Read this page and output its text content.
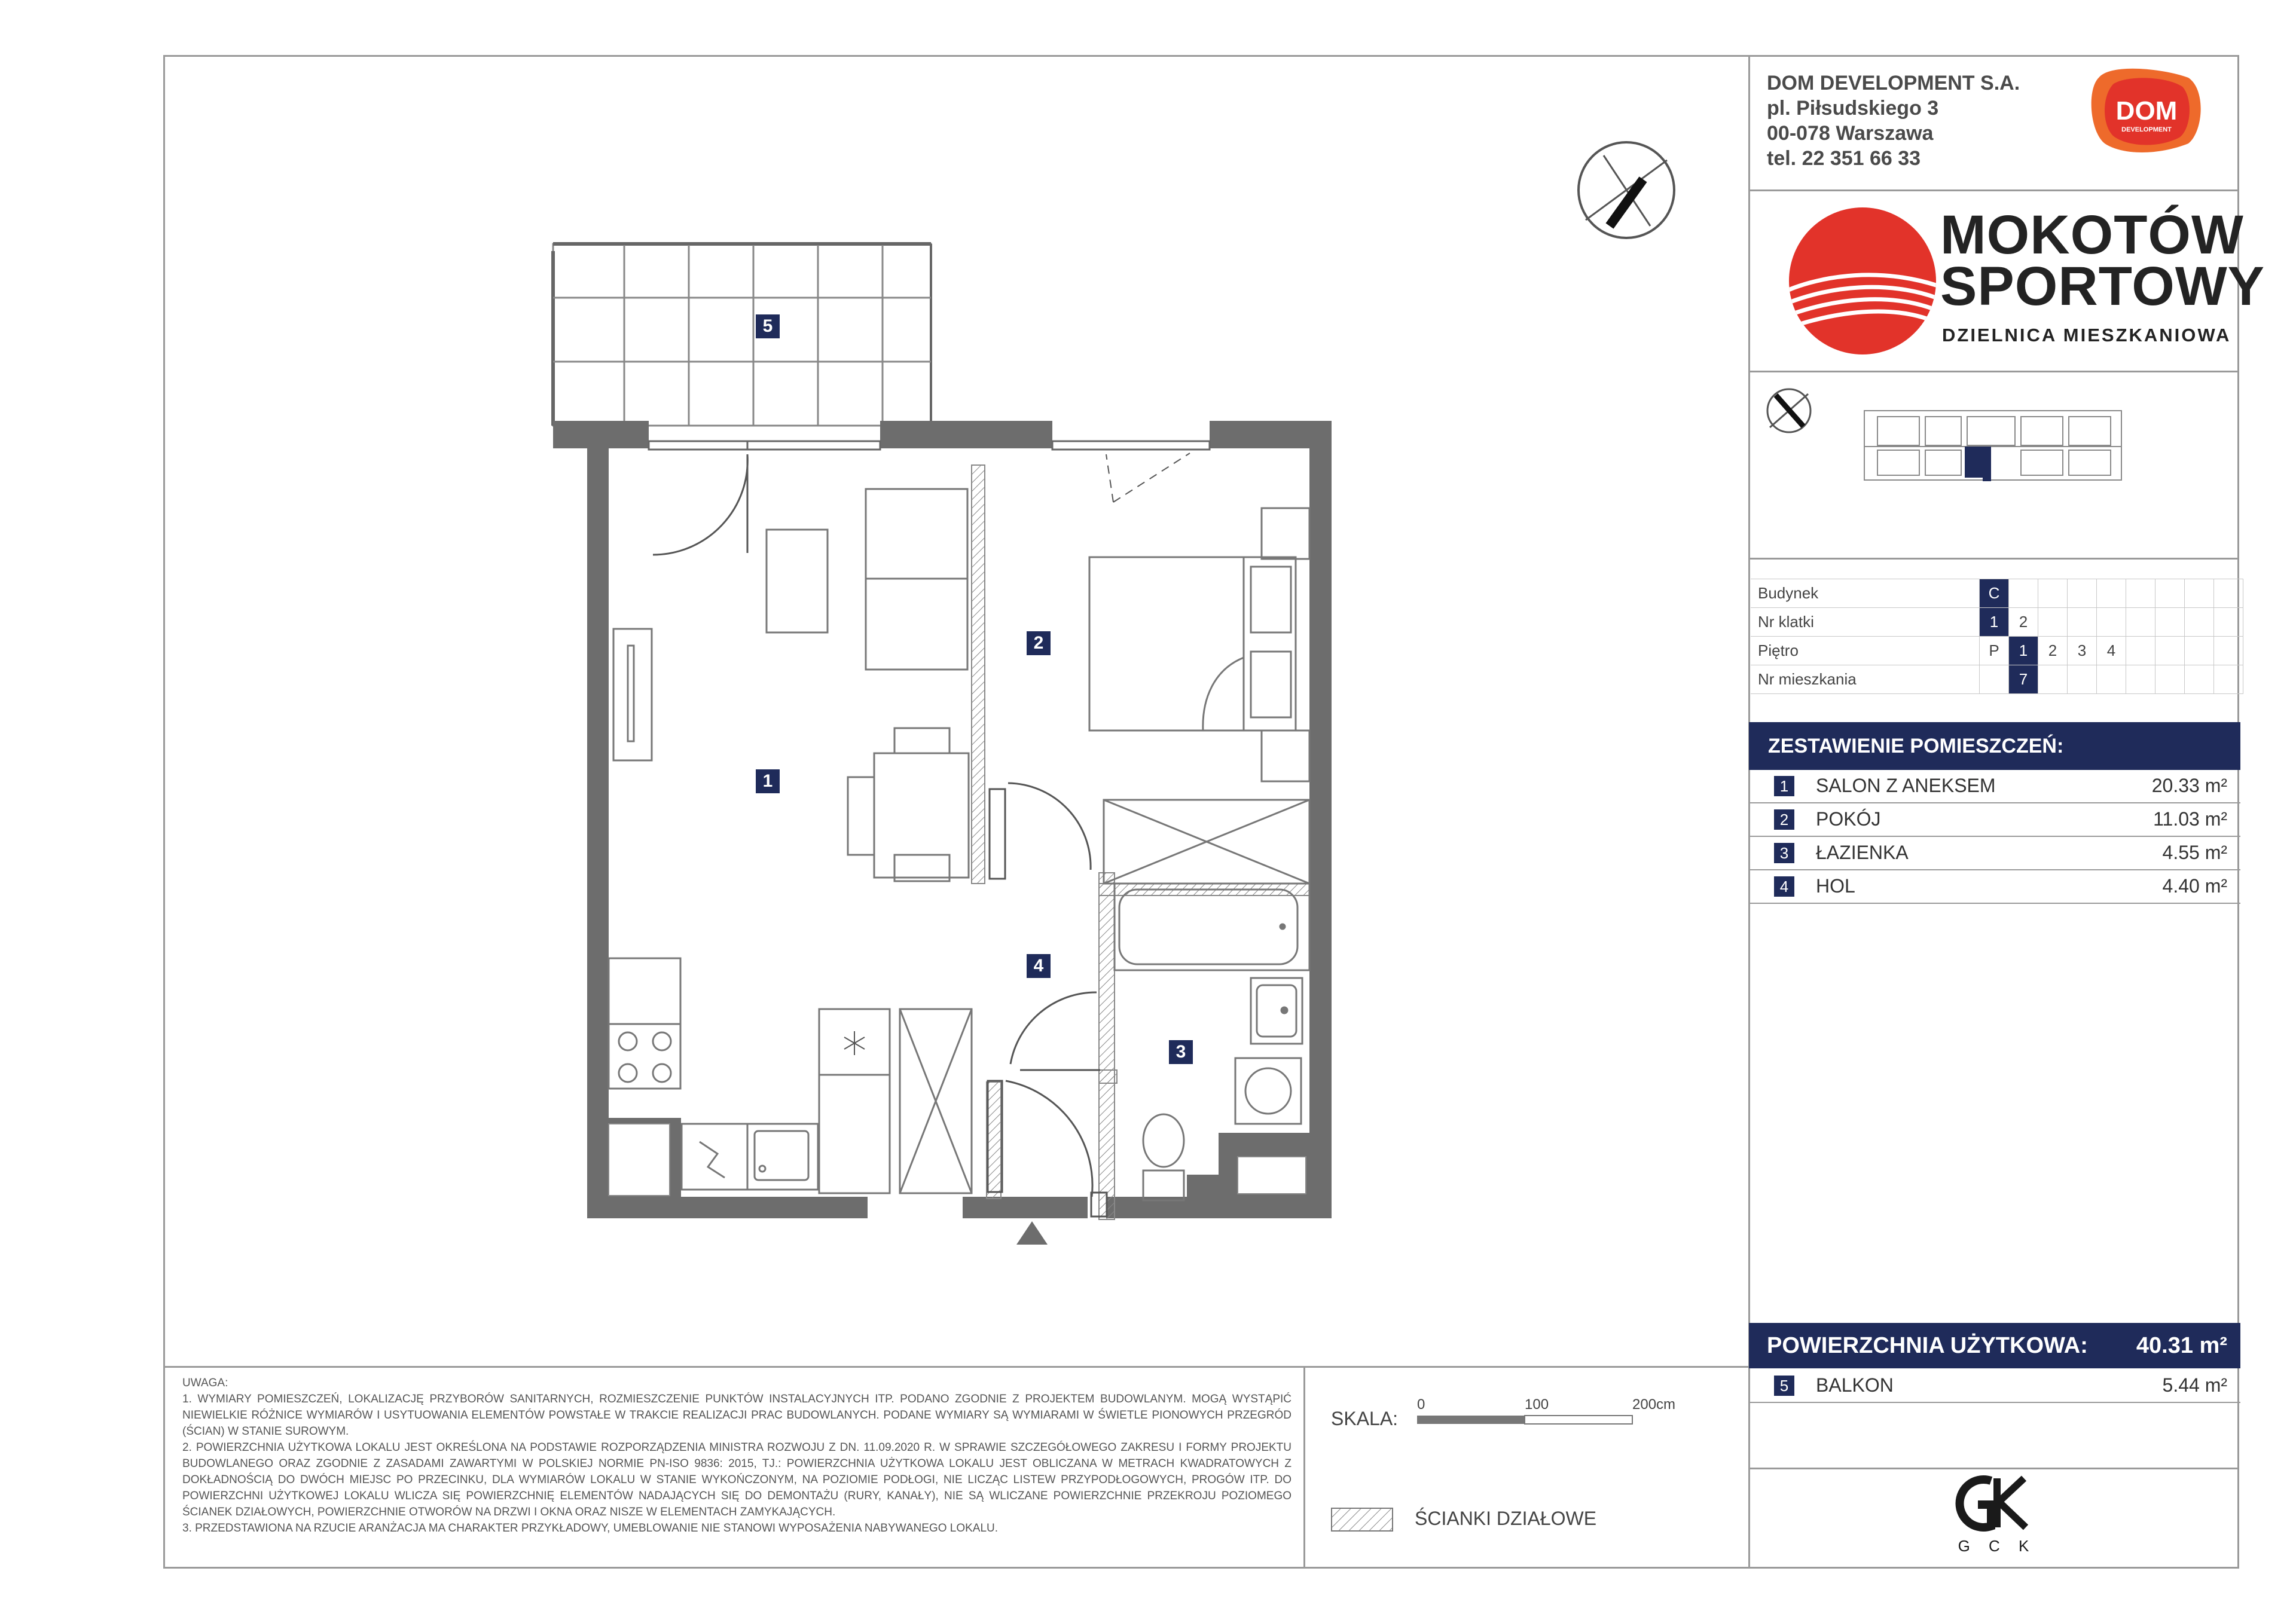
DOM DEVELOPMENT S.A.
pl. Piłsudskiego 3
00-078 Warszawa
tel. 22 351 66 33
DOM
DEVELOPMENT
MOKOTÓW
SPORTOWY
DZIELNICA MIESZKANIOWA
Budynek	C								
Nr klatki	1	2							
Piętro	P	1	2	3	4				
Nr mieszkania		7							
ZESTAWIENIE POMIESZCZEŃ:
1	SALON Z ANEKSEM	20.33 m²
2	POKÓJ	11.03 m²
3	ŁAZIENKA	4.55 m²
4	HOL	4.40 m²
POWIERZCHNIA UŻYTKOWA: 40.31 m²
5	BALKON	5.44 m²

UWAGA:

1. WYMIARY POMIESZCZEŃ, LOKALIZACJĘ PRZYBORÓW SANITARNYCH, ROZMIESZCZENIE PUNKTÓW INSTALACYJNYCH ITP. PODANO ZGODNIE Z PROJEKTEM BUDOWLANYM. MOGĄ WYSTĄPIĆ NIEWIELKIE RÓŻNICE WYMIARÓW I USYTUOWANIA ELEMENTÓW POWSTAŁE W TRAKCIE REALIZACJI PRAC BUDOWLANYCH. PODANE WYMIARY SĄ WYMIARAMI W ŚWIETLE PIONOWYCH PRZEGRÓD (ŚCIAN) W STANIE SUROWYM.

2. POWIERZCHNIA UŻYTKOWA LOKALU JEST OKREŚLONA NA PODSTAWIE ROZPORZĄDZENIA MINISTRA ROZWOJU Z DN. 11.09.2020 R. W SPRAWIE SZCZEGÓŁOWEGO ZAKRESU I FORMY PROJEKTU BUDOWLANEGO ORAZ ZGODNIE Z ZASADAMI ZAWARTYMI W POLSKIEJ NORMIE PN-ISO 9836: 2015, TJ.: POWIERZCHNIA UŻYTKOWA LOKALU JEST OBLICZANA W METRACH KWADRATOWYCH Z DOKŁADNOŚCIĄ DO DWÓCH MIEJSC PO PRZECINKU, DLA WYMIARÓW LOKALU W STANIE WYKOŃCZONYM, NA POZIOMIE PODŁOGI, NIE LICZĄC LISTEW PRZYPODŁOGOWYCH, PROGÓW ITP. DO POWIERZCHNI UŻYTKOWEJ LOKALU WLICZA SIĘ POWIERZCHNIĘ ELEMENTÓW NADAJĄCYCH SIĘ DO DEMONTAŻU (RURY, KANAŁY), NIE SĄ WLICZANE POWIERZCHNIE PRZEKROJU POZIOMEGO ŚCIANEK DZIAŁOWYCH, POWIERZCHNIE OTWORÓW NA DRZWI I OKNA ORAZ NISZE W ELEMENTACH ZAMYKAJĄCYCH.

3. PRZEDSTAWIONA NA RZUCIE ARANŻACJA MA CHARAKTER PRZYKŁADOWY, UMEBLOWANIE NIE STANOWI WYPOSAŻENIA NABYWANEGO LOKALU.

SKALA:
0	100	200cm
ŚCIANKI DZIAŁOWE
G C K
5
2
1
4
3
